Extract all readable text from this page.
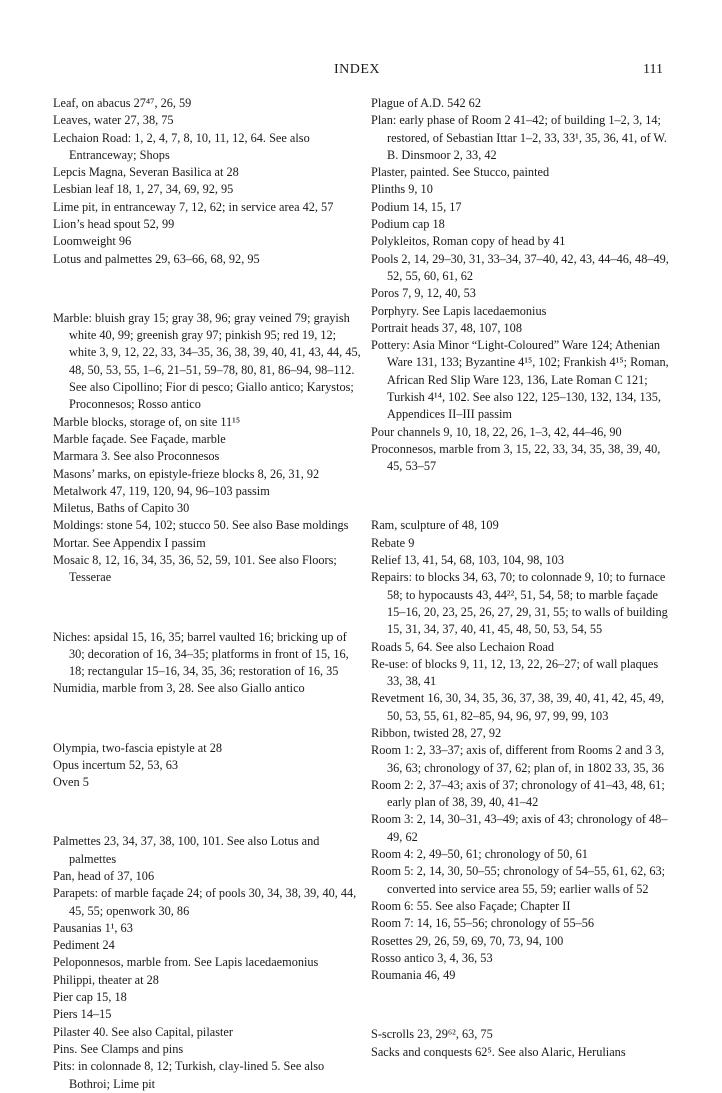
INDEX	111

Leaf, on abacus 27⁴⁷, 26, 59

Leaves, water 27, 38, 75

Lechaion Road: 1, 2, 4, 7, 8, 10, 11, 12, 64. See also Entranceway; Shops

Lepcis Magna, Severan Basilica at 28

Lesbian leaf 18, 1, 27, 34, 69, 92, 95

Lime pit, in entranceway 7, 12, 62; in service area 42, 57

Lion’s head spout 52, 99

Loomweight 96

Lotus and palmettes 29, 63–66, 68, 92, 95

Marble: bluish gray 15; gray 38, 96; gray veined 79; grayish white 40, 99; greenish gray 97; pinkish 95; red 19, 12; white 3, 9, 12, 22, 33, 34–35, 36, 38, 39, 40, 41, 43, 44, 45, 48, 50, 53, 55, 1–6, 21–51, 59–78, 80, 81, 86–94, 98–112. See also Cipollino; Fior di pesco; Giallo antico; Karystos; Proconnesos; Rosso antico

Marble blocks, storage of, on site 11¹⁵

Marble façade. See Façade, marble

Marmara 3. See also Proconnesos

Masons’ marks, on epistyle-frieze blocks 8, 26, 31, 92

Metalwork 47, 119, 120, 94, 96–103 passim

Miletus, Baths of Capito 30

Moldings: stone 54, 102; stucco 50. See also Base moldings

Mortar. See Appendix I passim

Mosaic 8, 12, 16, 34, 35, 36, 52, 59, 101. See also Floors; Tesserae

Niches: apsidal 15, 16, 35; barrel vaulted 16; bricking up of 30; decoration of 16, 34–35; platforms in front of 15, 16, 18; rectangular 15–16, 34, 35, 36; restoration of 16, 35

Numidia, marble from 3, 28. See also Giallo antico

Olympia, two-fascia epistyle at 28

Opus incertum 52, 53, 63

Oven 5

Palmettes 23, 34, 37, 38, 100, 101. See also Lotus and palmettes

Pan, head of 37, 106

Parapets: of marble façade 24; of pools 30, 34, 38, 39, 40, 44, 45, 55; openwork 30, 86

Pausanias 1¹, 63

Pediment 24

Peloponnesos, marble from. See Lapis lacedaemonius

Philippi, theater at 28

Pier cap 15, 18

Piers 14–15

Pilaster 40. See also Capital, pilaster

Pins. See Clamps and pins

Pits: in colonnade 8, 12; Turkish, clay-lined 5. See also Bothroi; Lime pit

Plague of A.D. 542 62

Plan: early phase of Room 2 41–42; of building 1–2, 3, 14; restored, of Sebastian Ittar 1–2, 33, 33¹, 35, 36, 41, of W. B. Dinsmoor 2, 33, 42

Plaster, painted. See Stucco, painted

Plinths 9, 10

Podium 14, 15, 17

Podium cap 18

Polykleitos, Roman copy of head by 41

Pools 2, 14, 29–30, 31, 33–34, 37–40, 42, 43, 44–46, 48–49, 52, 55, 60, 61, 62

Poros 7, 9, 12, 40, 53

Porphyry. See Lapis lacedaemonius

Portrait heads 37, 48, 107, 108

Pottery: Asia Minor “Light-Coloured” Ware 124; Athenian Ware 131, 133; Byzantine 4¹⁵, 102; Frankish 4¹⁵; Roman, African Red Slip Ware 123, 136, Late Roman C 121; Turkish 4¹⁴, 102. See also 122, 125–130, 132, 134, 135, Appendices II–III passim

Pour channels 9, 10, 18, 22, 26, 1–3, 42, 44–46, 90

Proconnesos, marble from 3, 15, 22, 33, 34, 35, 38, 39, 40, 45, 53–57

Ram, sculpture of 48, 109

Rebate 9

Relief 13, 41, 54, 68, 103, 104, 98, 103

Repairs: to blocks 34, 63, 70; to colonnade 9, 10; to furnace 58; to hypocausts 43, 44²², 51, 54, 58; to marble façade 15–16, 20, 23, 25, 26, 27, 29, 31, 55; to walls of building 15, 31, 34, 37, 40, 41, 45, 48, 50, 53, 54, 55

Roads 5, 64. See also Lechaion Road

Re-use: of blocks 9, 11, 12, 13, 22, 26–27; of wall plaques 33, 38, 41

Revetment 16, 30, 34, 35, 36, 37, 38, 39, 40, 41, 42, 45, 49, 50, 53, 55, 61, 82–85, 94, 96, 97, 99, 99, 103

Ribbon, twisted 28, 27, 92

Room 1: 2, 33–37; axis of, different from Rooms 2 and 3 3, 36, 63; chronology of 37, 62; plan of, in 1802 33, 35, 36

Room 2: 2, 37–43; axis of 37; chronology of 41–43, 48, 61; early plan of 38, 39, 40, 41–42

Room 3: 2, 14, 30–31, 43–49; axis of 43; chronology of 48–49, 62

Room 4: 2, 49–50, 61; chronology of 50, 61

Room 5: 2, 14, 30, 50–55; chronology of 54–55, 61, 62, 63; converted into service area 55, 59; earlier walls of 52

Room 6: 55. See also Façade; Chapter II

Room 7: 14, 16, 55–56; chronology of 55–56

Rosettes 29, 26, 59, 69, 70, 73, 94, 100

Rosso antico 3, 4, 36, 53

Roumania 46, 49

S-scrolls 23, 29⁶², 63, 75

Sacks and conquests 62⁵. See also Alaric, Herulians
